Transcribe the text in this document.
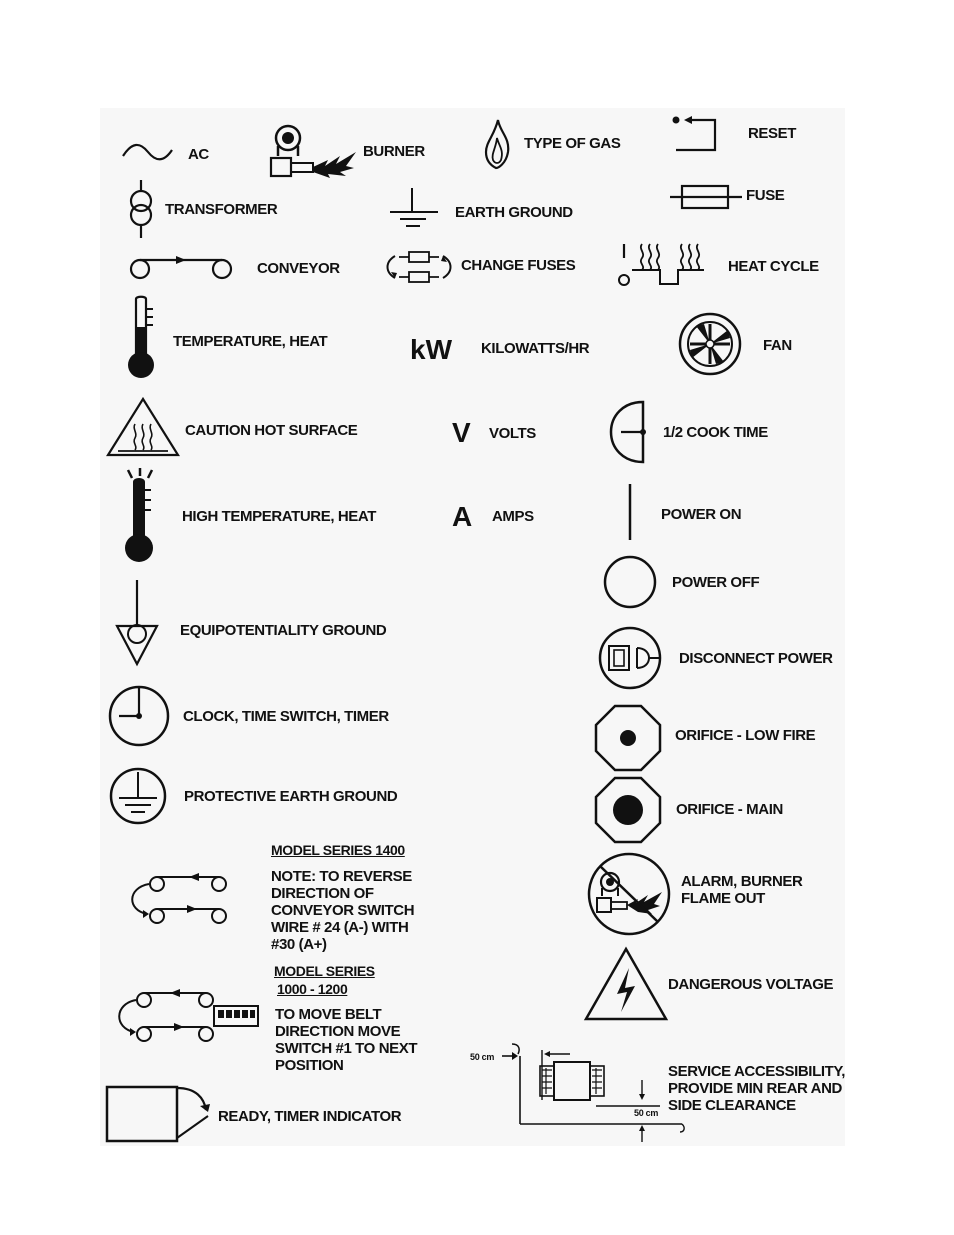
AC	BURNER	TYPE OF GAS
RESET
TRANSFORMER	EARTH GROUND
FUSE
CONVEYOR	CHANGE FUSES	HEAT CYCLE
TEMPERATURE, HEAT	kW KILOWATTS/HR	FAN
CAUTION HOT SURFACE	V VOLTS	1/2 COOK TIME
HIGH TEMPERATURE, HEAT	A AMPS	POWER ON
POWER OFF
EQUIPOTENTIALITY GROUND
DISCONNECT POWER
CLOCK, TIME SWITCH, TIMER
ORIFICE - LOW FIRE
PROTECTIVE EARTH GROUND
ORIFICE - MAIN
MODEL SERIES 1400
NOTE: TO REVERSE
DIRECTION OF
CONVEYOR SWITCH
WIRE # 24 (A-) WITH
#30 (A+)
MODEL SERIES
1000 - 1200
TO MOVE BELT
DIRECTION MOVE
SWITCH #1 TO NEXT
POSITION
ALARM, BURNER
FLAME OUT
DANGEROUS VOLTAGE
READY, TIMER INDICATOR
50 cm
50 cm
SERVICE ACCESSIBILITY,
PROVIDE MIN REAR AND
SIDE CLEARANCE
